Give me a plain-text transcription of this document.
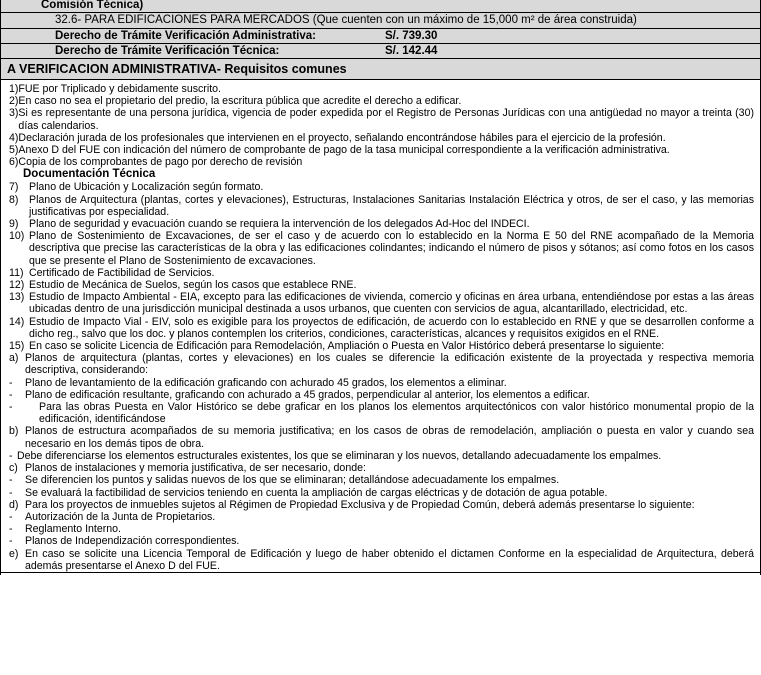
Comisión Técnica)
32.6- PARA EDIFICACIONES PARA MERCADOS (Que cuenten con un máximo de 15,000 m² de área construida)
Derecho de Trámite Verificación Administrativa:	S/. 739.30
Derecho de Trámite Verificación Técnica:	S/. 142.44
A VERIFICACION ADMINISTRATIVA- Requisitos comunes
1) FUE por Triplicado y debidamente suscrito.
2) En caso no sea el propietario del predio, la escritura pública que acredite el derecho a edificar.
3) Si es representante de una persona jurídica, vigencia de poder expedida por el Registro de Personas Jurídicas con una antigüedad no mayor a treinta (30) días calendarios.
4) Declaración jurada de los profesionales que intervienen en el proyecto, señalando encontrándose hábiles para el ejercicio de la profesión.
5) Anexo D del FUE con indicación del número de comprobante de pago de la tasa municipal correspondiente a la verificación administrativa.
6) Copia de los comprobantes de pago por derecho de revisión
Documentación Técnica
7) Plano de Ubicación y Localización según formato.
8) Planos de Arquitectura (plantas, cortes y elevaciones), Estructuras, Instalaciones Sanitarias Instalación Eléctrica y otros, de ser el caso, y las memorias justificativas por especialidad.
9) Plano de seguridad y evacuación cuando se requiera la intervención de los delegados Ad-Hoc del INDECI.
10) Plano de Sostenimiento de Excavaciones, de ser el caso y de acuerdo con lo establecido en la Norma E 50 del RNE acompañado de la Memoria descriptiva que precise las características de la obra y las edificaciones colindantes; indicando el número de pisos y sótanos; así como fotos en los casos que se presente el Plano de Sostenimiento de excavaciones.
11) Certificado de Factibilidad de Servicios.
12) Estudio de Mecánica de Suelos, según los casos que establece RNE.
13) Estudio de Impacto Ambiental - EIA, excepto para las edificaciones de vivienda, comercio y oficinas en área urbana, entendiéndose por estas a las áreas ubicadas dentro de una jurisdicción municipal destinada a usos urbanos, que cuenten con servicios de agua, alcantarillado, electricidad, etc.
14) Estudio de Impacto Vial - EIV, solo es exigible para los proyectos de edificación, de acuerdo con lo establecido en RNE y que se desarrollen conforme a dicho reg., salvo que los doc. y planos contemplen los criterios, condiciones, características, alcances y requisitos exigidos en el RNE.
15) En caso se solicite Licencia de Edificación para Remodelación, Ampliación o Puesta en Valor Histórico deberá presentarse lo siguiente:
a) Planos de arquitectura (plantas, cortes y elevaciones) en los cuales se diferencie la edificación existente de la proyectada y respectiva memoria descriptiva, considerando:
-	Plano de levantamiento de la edificación graficando con achurado 45 grados, los elementos a eliminar.
-	Plano de edificación resultante, graficando con achurado a 45 grados, perpendicular al anterior, los elementos a edificar.
-	Para las obras Puesta en Valor Histórico se debe graficar en los planos los elementos arquitectónicos con valor histórico monumental propio de la edificación, identificándose
b) Planos de estructura acompañados de su memoria justificativa; en los casos de obras de remodelación, ampliación o puesta en valor y cuando sea necesario en los demás tipos de obra.
- Debe diferenciarse los elementos estructurales existentes, los que se eliminaran y los nuevos, detallando adecuadamente los empalmes.
c) Planos de instalaciones y memoria justificativa, de ser necesario, donde:
-	Se diferencien los puntos y salidas nuevos de los que se eliminaran; detallándose adecuadamente los empalmes.
-	Se evaluará la factibilidad de servicios teniendo en cuenta la ampliación de cargas eléctricas y de dotación de agua potable.
d) Para los proyectos de inmuebles sujetos al Régimen de Propiedad Exclusiva y de Propiedad Común, deberá además presentarse lo siguiente:
-	Autorización de la Junta de Propietarios.
-	Reglamento Interno.
-	Planos de Independización correspondientes.
e) En caso se solicite una Licencia Temporal de Edificación y luego de haber obtenido el dictamen Conforme en la especialidad de Arquitectura, deberá además presentarse el Anexo D del FUE.
